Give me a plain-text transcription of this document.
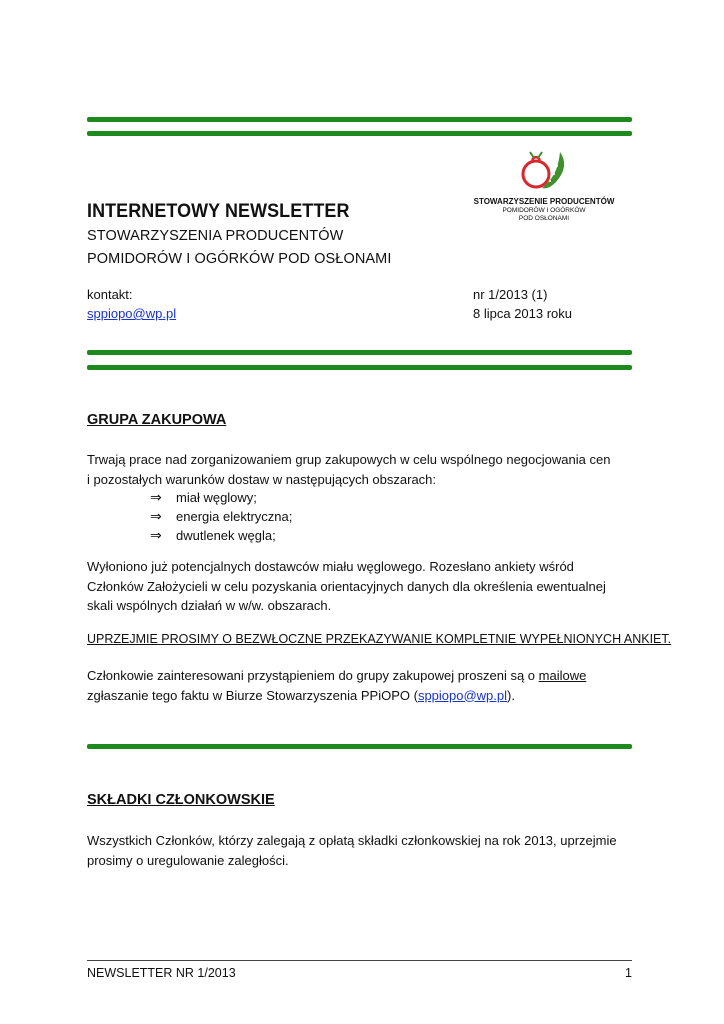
STOWARZYSZENIE PRODUCENTÓW
POMIDORÓW I OGÓRKÓW
POD OSŁONAMI
INTERNETOWY NEWSLETTER
STOWARZYSZENIA PRODUCENTÓW
POMIDORÓW I OGÓRKÓW POD OSŁONAMI
kontakt:
sppiopo@wp.pl
nr 1/2013 (1)
8 lipca 2013 roku
GRUPA ZAKUPOWA
Trwają prace nad zorganizowaniem grup zakupowych w celu wspólnego negocjowania cen
i pozostałych warunków dostaw w następujących obszarach:
⇒ miał węglowy;
⇒ energia elektryczna;
⇒ dwutlenek węgla;
Wyłoniono już potencjalnych dostawców miału węglowego. Rozesłano ankiety wśród
Członków Założycieli w celu pozyskania orientacyjnych danych dla określenia ewentualnej
skali wspólnych działań w w/w. obszarach.
UPRZEJMIE PROSIMY O BEZWŁOCZNE PRZEKAZYWANIE KOMPLETNIE WYPEŁNIONYCH ANKIET.
Członkowie zainteresowani przystąpieniem do grupy zakupowej proszeni są o mailowe
zgłaszanie tego faktu w Biurze Stowarzyszenia PPiOPO (sppiopo@wp.pl).
SKŁADKI CZŁONKOWSKIE
Wszystkich Członków, którzy zalegają z opłatą składki członkowskiej na rok 2013, uprzejmie
prosimy o uregulowanie zaległości.
NEWSLETTER NR 1/2013	1
